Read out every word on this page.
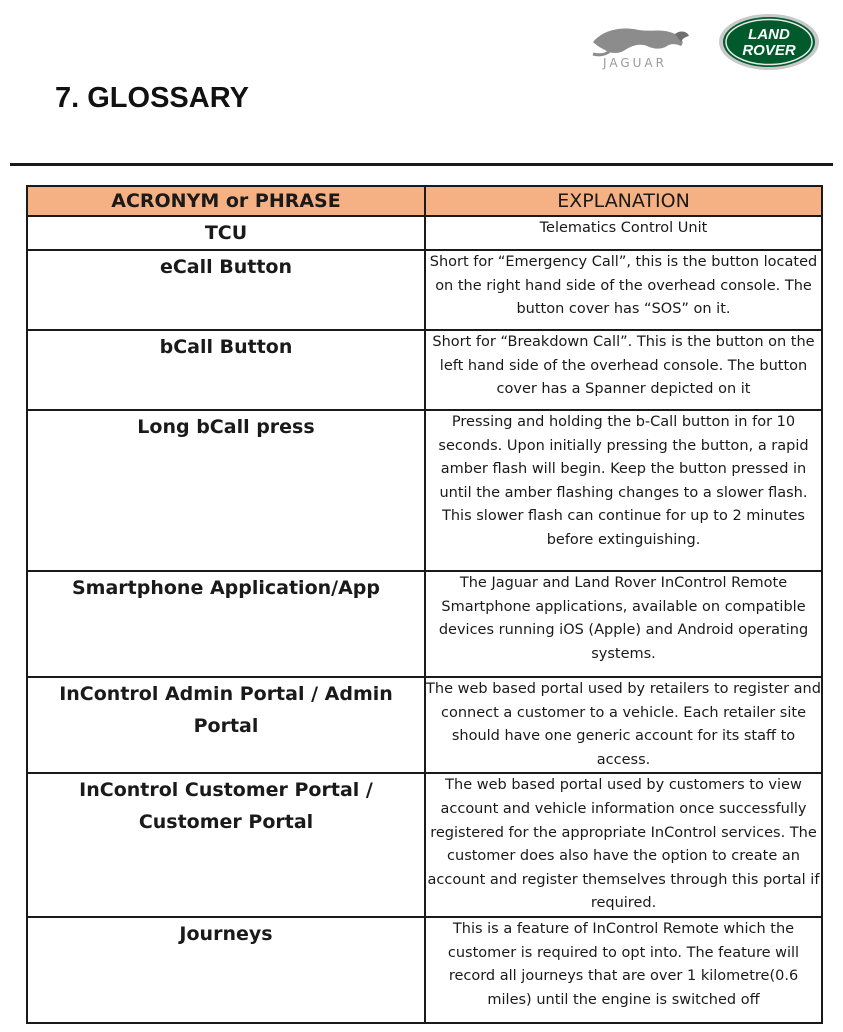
JAGUAR
LAND
ROVER
7. GLOSSARY
ACRONYM or PHRASE	EXPLANATION
TCU	Telematics Control Unit
eCall Button	Short for “Emergency Call”, this is the button located on the right hand side of the overhead console. The button cover has “SOS” on it.
bCall Button	Short for “Breakdown Call”. This is the button on the left hand side of the overhead console. The button cover has a Spanner depicted on it
Long bCall press	Pressing and holding the b-Call button in for 10 seconds. Upon initially pressing the button, a rapid amber flash will begin. Keep the button pressed in until the amber flashing changes to a slower flash. This slower flash can continue for up to 2 minutes before extinguishing.
Smartphone Application/App	The Jaguar and Land Rover InControl Remote Smartphone applications, available on compatible devices running iOS (Apple) and Android operating systems.
InControl Admin Portal / Admin Portal	The web based portal used by retailers to register and connect a customer to a vehicle. Each retailer site should have one generic account for its staff to access.
InControl Customer Portal / Customer Portal	The web based portal used by customers to view account and vehicle information once successfully registered for the appropriate InControl services. The customer does also have the option to create an account and register themselves through this portal if required.
Journeys	This is a feature of InControl Remote which the customer is required to opt into. The feature will record all journeys that are over 1 kilometre(0.6 miles) until the engine is switched off
